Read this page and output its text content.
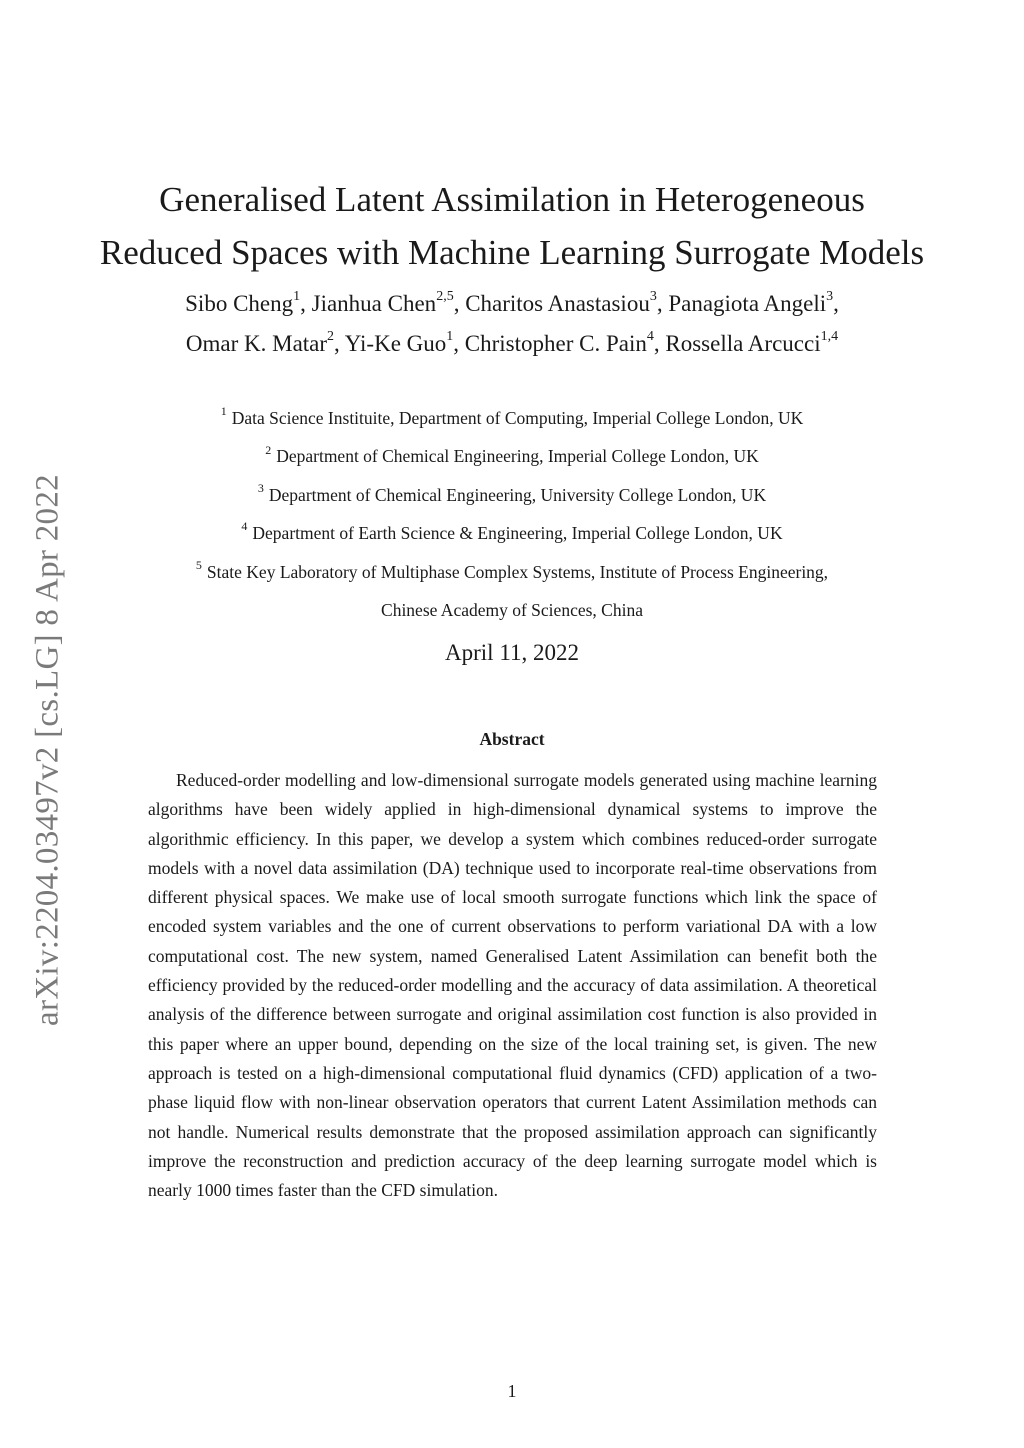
arXiv:2204.03497v2 [cs.LG] 8 Apr 2022
Generalised Latent Assimilation in Heterogeneous
Reduced Spaces with Machine Learning Surrogate Models
Sibo Cheng$^1$, Jianhua Chen$^{2,5}$, Charitos Anastasiou$^3$, Panagiota Angeli$^3$,
Omar K. Matar$^2$, Yi-Ke Guo$^1$, Christopher C. Pain$^4$, Rossella Arcucci$^{1,4}$
$^1$ Data Science Instituite, Department of Computing, Imperial College London, UK
$^2$ Department of Chemical Engineering, Imperial College London, UK
$^3$ Department of Chemical Engineering, University College London, UK
$^4$ Department of Earth Science & Engineering, Imperial College London, UK
$^5$ State Key Laboratory of Multiphase Complex Systems, Institute of Process Engineering,
Chinese Academy of Sciences, China
April 11, 2022
Abstract

Reduced-order modelling and low-dimensional surrogate models generated using machine learning algorithms have been widely applied in high-dimensional dynamical systems to improve the algorithmic efficiency. In this paper, we develop a system which combines reduced-order surrogate models with a novel data assimilation (DA) technique used to incorporate real-time observations from different physical spaces. We make use of local smooth surrogate functions which link the space of encoded system variables and the one of current observations to perform variational DA with a low computational cost. The new system, named Generalised Latent Assimilation can benefit both the efficiency provided by the reduced-order modelling and the accuracy of data assimilation. A theoretical analysis of the difference between surrogate and original assimilation cost function is also provided in this paper where an upper bound, depending on the size of the local training set, is given. The new approach is tested on a high-dimensional computational fluid dynamics (CFD) application of a two-phase liquid flow with non-linear observation operators that current Latent Assimilation methods can not handle. Numerical results demonstrate that the proposed assimilation approach can significantly improve the reconstruction and prediction accuracy of the deep learning surrogate model which is nearly 1000 times faster than the CFD simulation.

1
